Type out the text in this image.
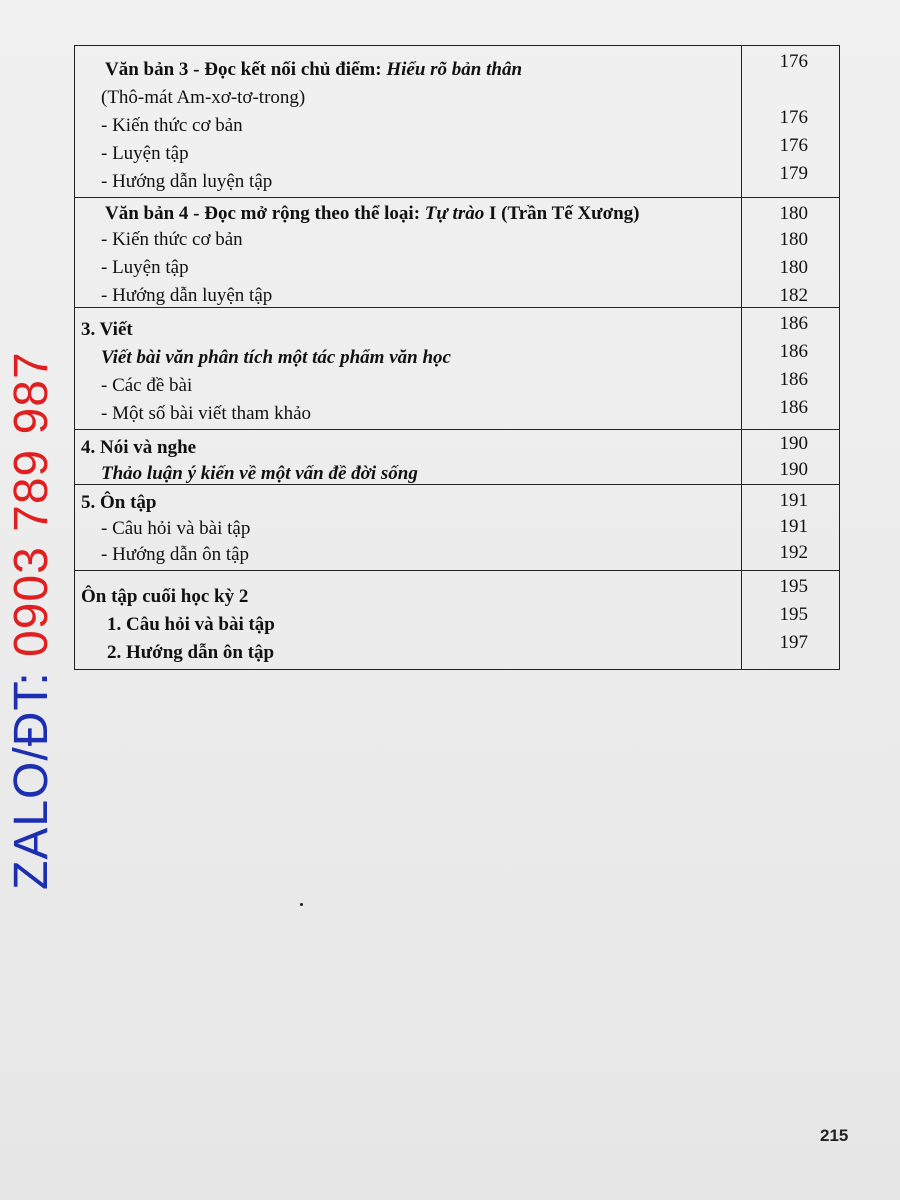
ZALO/ĐT: 0903 789 987
Văn bản 3 - Đọc kết nối chủ điểm: Hiểu rõ bản thân	176
(Thô-mát Am-xơ-tơ-trong)
- Kiến thức cơ bản	176
- Luyện tập	176
- Hướng dẫn luyện tập	179
Văn bản 4 - Đọc mở rộng theo thể loại: Tự trào I (Trần Tế Xương)	180
- Kiến thức cơ bản	180
- Luyện tập	180
- Hướng dẫn luyện tập	182
3. Viết	186
Viết bài văn phân tích một tác phẩm văn học	186
- Các đề bài	186
- Một số bài viết tham khảo	186
4. Nói và nghe	190
Thảo luận ý kiến về một vấn đề đời sống	190
5. Ôn tập	191
- Câu hỏi và bài tập	191
- Hướng dẫn ôn tập	192
Ôn tập cuối học kỳ 2	195
1. Câu hỏi và bài tập	195
2. Hướng dẫn ôn tập	197
215
